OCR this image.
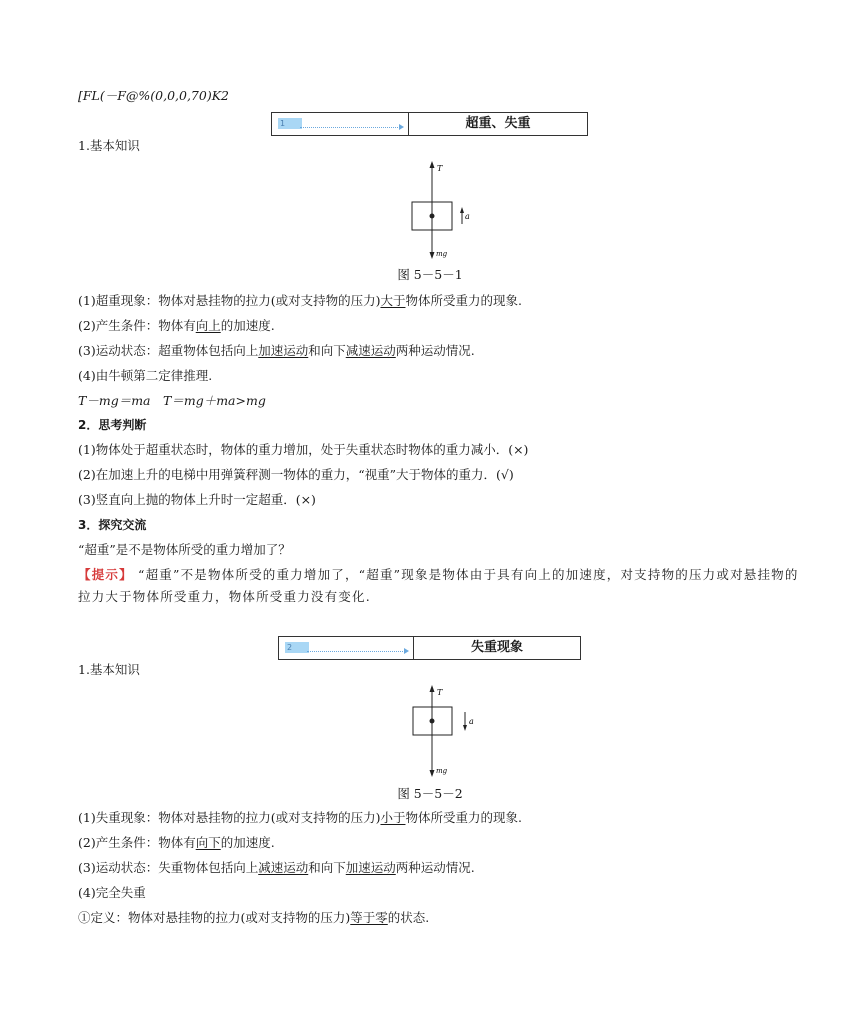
[FL(－F@%(0,0,0,70)K2
1	超重、失重
1.基本知识
T
a
mg
图 5－5－1
(1)超重现象：物体对悬挂物的拉力(或对支持物的压力)大于物体所受重力的现象.
(2)产生条件：物体有向上的加速度.
(3)运动状态：超重物体包括向上加速运动和向下减速运动两种运动情况.
(4)由牛顿第二定律推理.
T－mg＝ma　T＝mg＋ma>mg
2．思考判断
(1)物体处于超重状态时，物体的重力增加，处于失重状态时物体的重力减小．(×)
(2)在加速上升的电梯中用弹簧秤测一物体的重力，“视重”大于物体的重力．(√)
(3)竖直向上抛的物体上升时一定超重．(×)
3．探究交流
“超重”是不是物体所受的重力增加了？
【提示】 “超重”不是物体所受的重力增加了，“超重”现象是物体由于具有向上的加速度，对支持物的压力或对悬挂物的拉力大于物体所受重力，物体所受重力没有变化.
2	失重现象
1.基本知识
T
a
mg
图 5－5－2
(1)失重现象：物体对悬挂物的拉力(或对支持物的压力)小于物体所受重力的现象.
(2)产生条件：物体有向下的加速度.
(3)运动状态：失重物体包括向上减速运动和向下加速运动两种运动情况.
(4)完全失重
①定义：物体对悬挂物的拉力(或对支持物的压力)等于零的状态.
